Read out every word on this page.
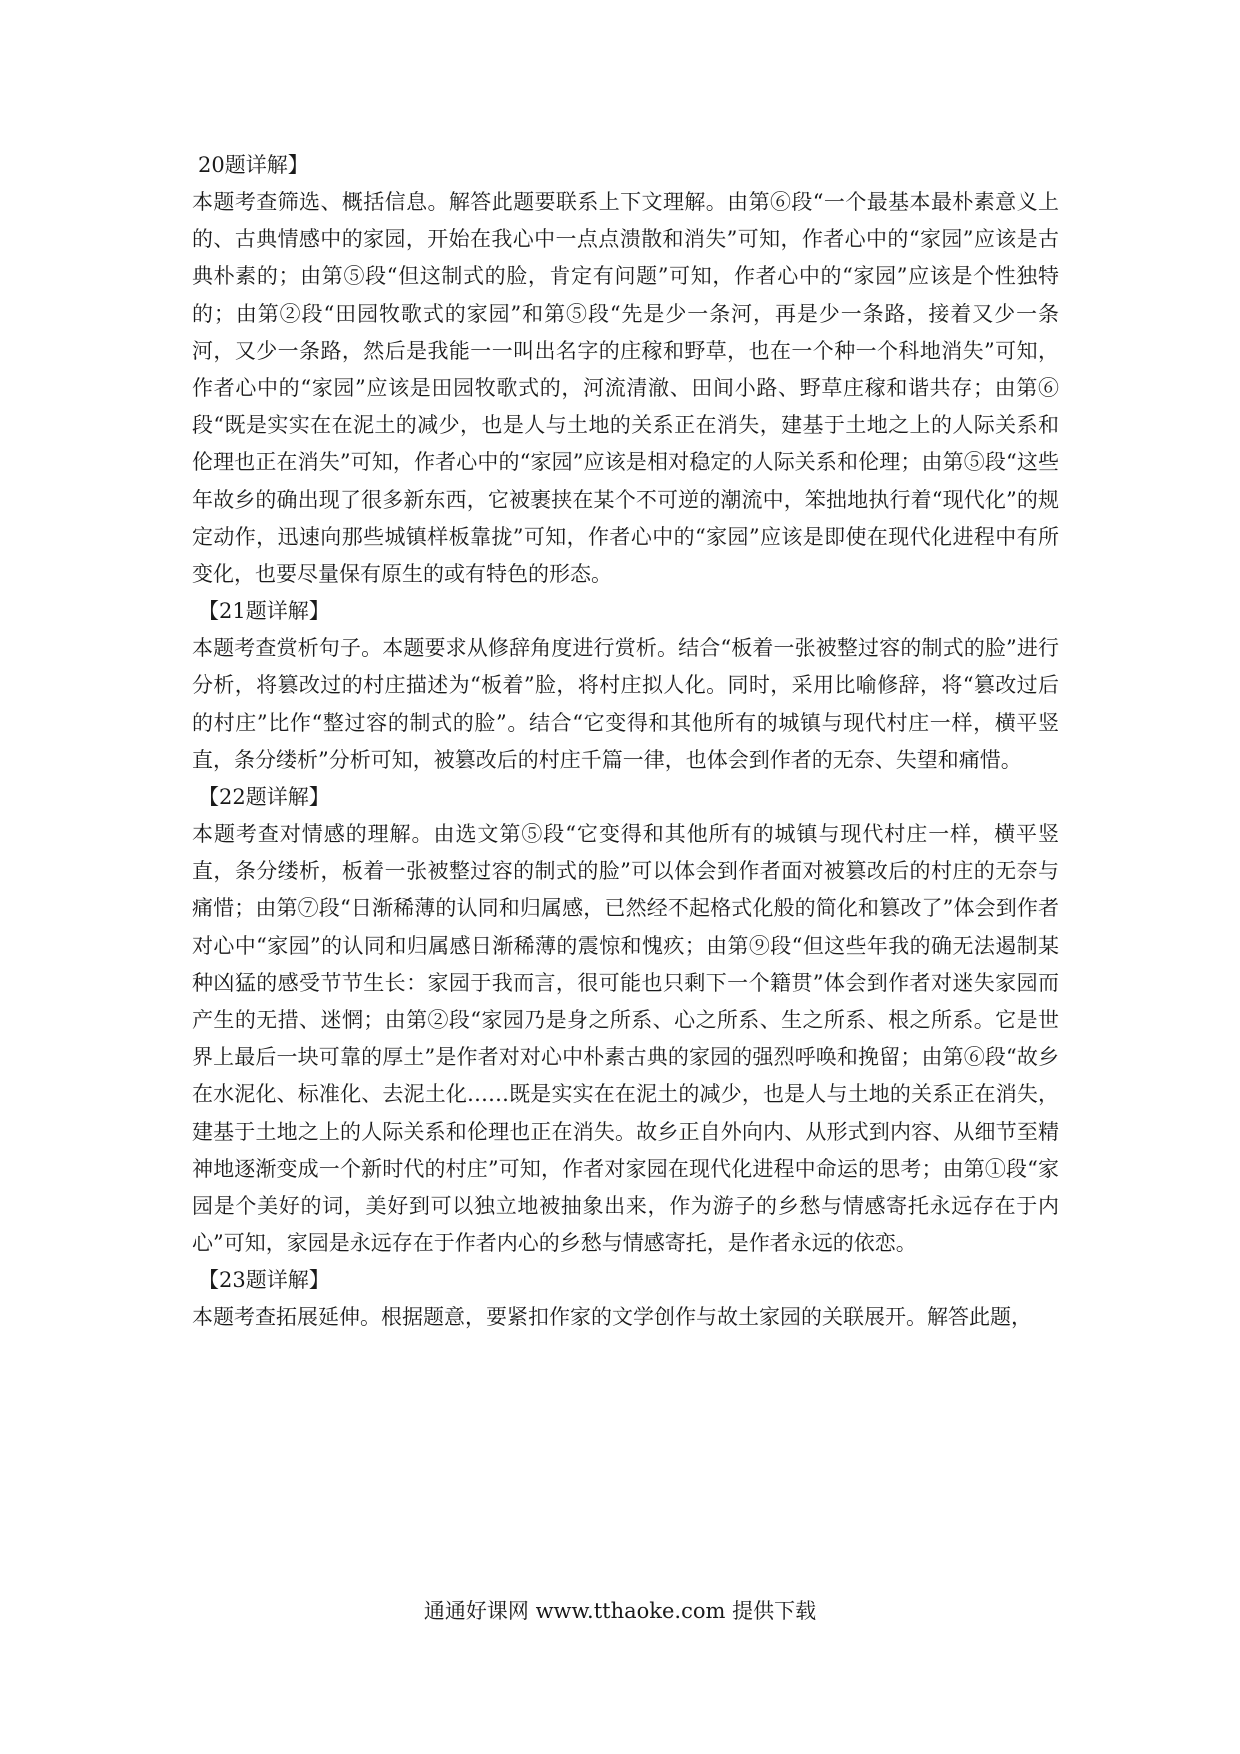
20题详解】

本题考查筛选、概括信息。解答此题要联系上下文理解。由第⑥段“一个最基本最朴素意义上的、古典情感中的家园，开始在我心中一点点溃散和消失”可知，作者心中的“家园”应该是古典朴素的；由第⑤段“但这制式的脸，肯定有问题”可知，作者心中的“家园”应该是个性独特的；由第②段“田园牧歌式的家园”和第⑤段“先是少一条河，再是少一条路，接着又少一条河，又少一条路，然后是我能一一叫出名字的庄稼和野草，也在一个种一个科地消失”可知，作者心中的“家园”应该是田园牧歌式的，河流清澈、田间小路、野草庄稼和谐共存；由第⑥段“既是实实在在泥土的减少，也是人与土地的关系正在消失，建基于土地之上的人际关系和伦理也正在消失”可知，作者心中的“家园”应该是相对稳定的人际关系和伦理；由第⑤段“这些年故乡的确出现了很多新东西，它被裹挟在某个不可逆的潮流中，笨拙地执行着“现代化”的规定动作，迅速向那些城镇样板靠拢”可知，作者心中的“家园”应该是即使在现代化进程中有所变化，也要尽量保有原生的或有特色的形态。

【21题详解】

本题考查赏析句子。本题要求从修辞角度进行赏析。结合“板着一张被整过容的制式的脸”进行分析，将篡改过的村庄描述为“板着”脸，将村庄拟人化。同时，采用比喻修辞，将“篡改过后的村庄”比作“整过容的制式的脸”。结合“它变得和其他所有的城镇与现代村庄一样，横平竖直，条分缕析”分析可知，被篡改后的村庄千篇一律，也体会到作者的无奈、失望和痛惜。

【22题详解】

本题考查对情感的理解。由选文第⑤段“它变得和其他所有的城镇与现代村庄一样，横平竖直，条分缕析，板着一张被整过容的制式的脸”可以体会到作者面对被篡改后的村庄的无奈与痛惜；由第⑦段“日渐稀薄的认同和归属感，已然经不起格式化般的简化和篡改了”体会到作者对心中“家园”的认同和归属感日渐稀薄的震惊和愧疚；由第⑨段“但这些年我的确无法遏制某种凶猛的感受节节生长：家园于我而言，很可能也只剩下一个籍贯”体会到作者对迷失家园而产生的无措、迷惘；由第②段“家园乃是身之所系、心之所系、生之所系、根之所系。它是世界上最后一块可靠的厚土”是作者对对心中朴素古典的家园的强烈呼唤和挽留；由第⑥段“故乡在水泥化、标准化、去泥土化……既是实实在在泥土的减少，也是人与土地的关系正在消失，建基于土地之上的人际关系和伦理也正在消失。故乡正自外向内、从形式到内容、从细节至精神地逐渐变成一个新时代的村庄”可知，作者对家园在现代化进程中命运的思考；由第①段“家园是个美好的词，美好到可以独立地被抽象出来，作为游子的乡愁与情感寄托永远存在于内心”可知，家园是永远存在于作者内心的乡愁与情感寄托，是作者永远的依恋。

【23题详解】

本题考查拓展延伸。根据题意，要紧扣作家的文学创作与故土家园的关联展开。解答此题，

通通好课网 www.tthaoke.com 提供下载
